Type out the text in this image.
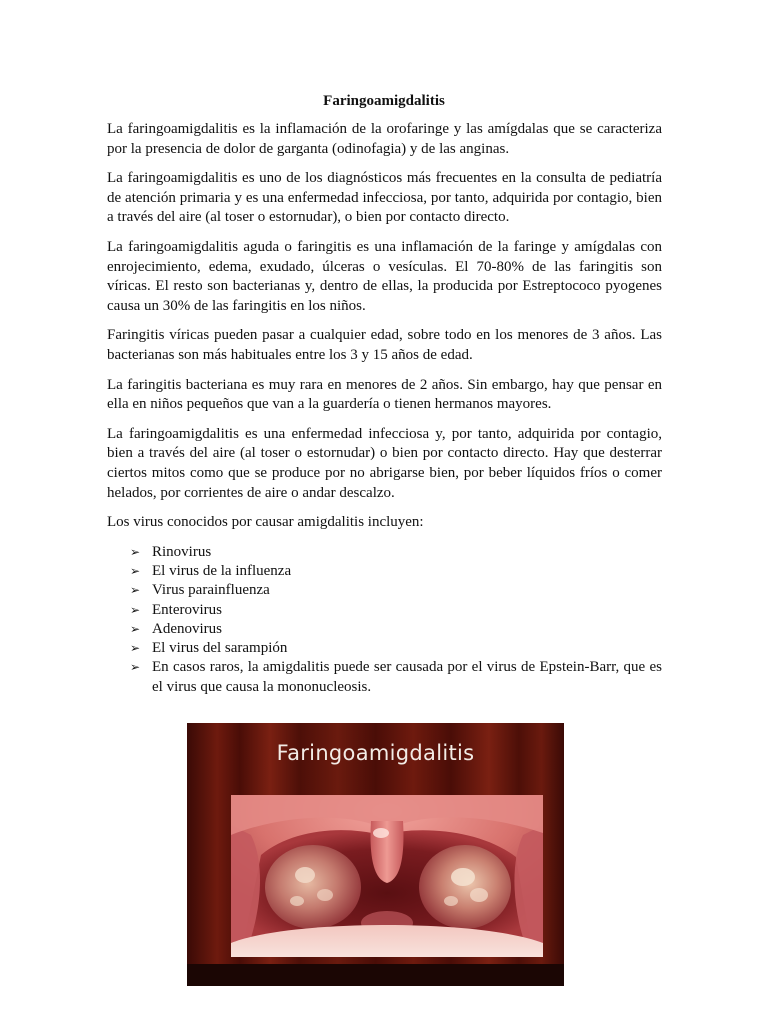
Faringoamigdalitis

La faringoamigdalitis es la inflamación de la orofaringe y las amígdalas que se caracteriza por la presencia de dolor de garganta (odinofagia) y de las anginas.

La faringoamigdalitis es uno de los diagnósticos más frecuentes en la consulta de pediatría de atención primaria y es una enfermedad infecciosa, por tanto, adquirida por contagio, bien a través del aire (al toser o estornudar), o bien por contacto directo.

La faringoamigdalitis aguda o faringitis es una inflamación de la faringe y amígdalas con enrojecimiento, edema, exudado, úlceras o vesículas. El 70-80% de las faringitis son víricas. El resto son bacterianas y, dentro de ellas, la producida por Estreptococo pyogenes causa un 30% de las faringitis en los niños.

Faringitis víricas pueden pasar a cualquier edad, sobre todo en los menores de 3 años. Las bacterianas son más habituales entre los 3 y 15 años de edad.

La faringitis bacteriana es muy rara en menores de 2 años. Sin embargo, hay que pensar en ella en niños pequeños que van a la guardería o tienen hermanos mayores.

La faringoamigdalitis es una enfermedad infecciosa y, por tanto, adquirida por contagio, bien a través del aire (al toser o estornudar) o bien por contacto directo. Hay que desterrar ciertos mitos como que se produce por no abrigarse bien, por beber líquidos fríos o comer helados, por corrientes de aire o andar descalzo.

Los virus conocidos por causar amigdalitis incluyen:

➢ Rinovirus
➢ El virus de la influenza
➢ Virus parainfluenza
➢ Enterovirus
➢ Adenovirus
➢ El virus del sarampión
➢ En casos raros, la amigdalitis puede ser causada por el virus de Epstein-Barr, que es el virus que causa la mononucleosis.
Faringoamigdalitis
